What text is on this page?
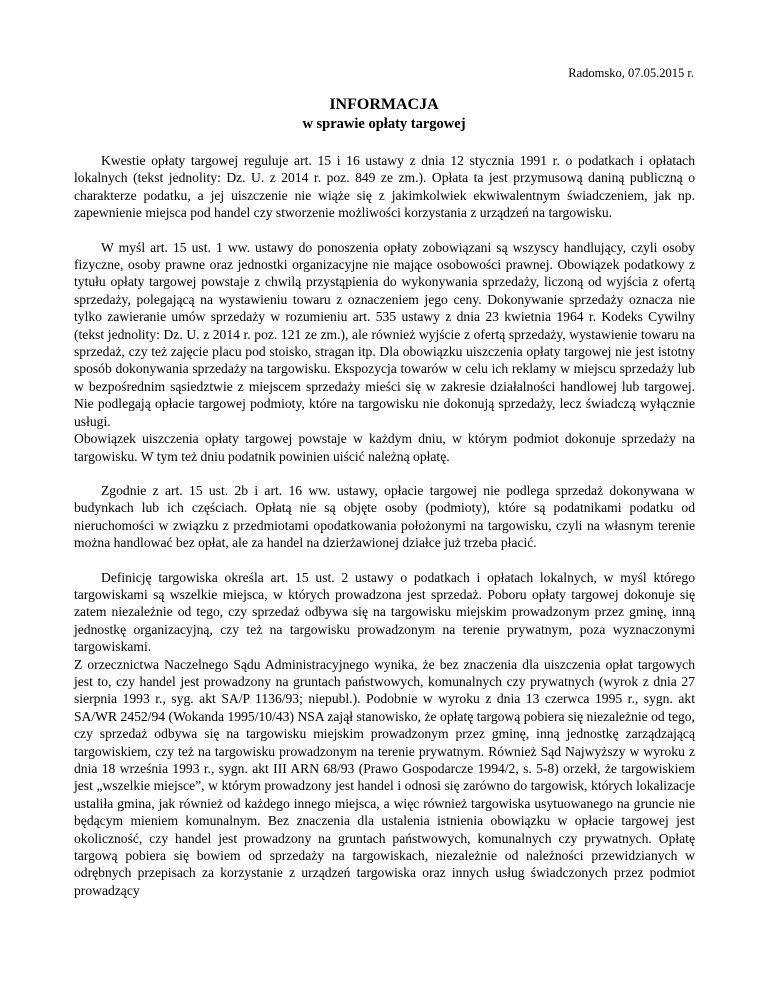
Radomsko, 07.05.2015 r.
INFORMACJA
w sprawie opłaty targowej

Kwestie opłaty targowej reguluje art. 15 i 16 ustawy z dnia 12 stycznia 1991 r. o podatkach i opłatach lokalnych (tekst jednolity: Dz. U. z 2014 r. poz. 849 ze zm.). Opłata ta jest przymusową daniną publiczną o charakterze podatku, a jej uiszczenie nie wiąże się z jakimkolwiek ekwiwalentnym świadczeniem, jak np. zapewnienie miejsca pod handel czy stworzenie możliwości korzystania z urządzeń na targowisku.

W myśl art. 15 ust. 1 ww. ustawy do ponoszenia opłaty zobowiązani są wszyscy handlujący, czyli osoby fizyczne, osoby prawne oraz jednostki organizacyjne nie mające osobowości prawnej. Obowiązek podatkowy z tytułu opłaty targowej powstaje z chwilą przystąpienia do wykonywania sprzedaży, liczoną od wyjścia z ofertą sprzedaży, polegającą na wystawieniu towaru z oznaczeniem jego ceny. Dokonywanie sprzedaży oznacza nie tylko zawieranie umów sprzedaży w rozumieniu art. 535 ustawy z dnia 23 kwietnia 1964 r. Kodeks Cywilny (tekst jednolity: Dz. U. z 2014 r. poz. 121 ze zm.), ale również wyjście z ofertą sprzedaży, wystawienie towaru na sprzedaż, czy też zajęcie placu pod stoisko, stragan itp. Dla obowiązku uiszczenia opłaty targowej nie jest istotny sposób dokonywania sprzedaży na targowisku. Ekspozycja towarów w celu ich reklamy w miejscu sprzedaży lub w bezpośrednim sąsiedztwie z miejscem sprzedaży mieści się w zakresie działalności handlowej lub targowej. Nie podlegają opłacie targowej podmioty, które na targowisku nie dokonują sprzedaży, lecz świadczą wyłącznie usługi.

Obowiązek uiszczenia opłaty targowej powstaje w każdym dniu, w którym podmiot dokonuje sprzedaży na targowisku. W tym też dniu podatnik powinien uiścić należną opłatę.

Zgodnie z art. 15 ust. 2b i art. 16 ww. ustawy, opłacie targowej nie podlega sprzedaż dokonywana w budynkach lub ich częściach. Opłatą nie są objęte osoby (podmioty), które są podatnikami podatku od nieruchomości w związku z przedmiotami opodatkowania położonymi na targowisku, czyli na własnym terenie można handlować bez opłat, ale za handel na dzierżawionej działce już trzeba płacić.

Definicję targowiska określa art. 15 ust. 2 ustawy o podatkach i opłatach lokalnych, w myśl którego targowiskami są wszelkie miejsca, w których prowadzona jest sprzedaż. Poboru opłaty targowej dokonuje się zatem niezależnie od tego, czy sprzedaż odbywa się na targowisku miejskim prowadzonym przez gminę, inną jednostkę organizacyjną, czy też na targowisku prowadzonym na terenie prywatnym, poza wyznaczonymi targowiskami.

Z orzecznictwa Naczelnego Sądu Administracyjnego wynika, że bez znaczenia dla uiszczenia opłat targowych jest to, czy handel jest prowadzony na gruntach państwowych, komunalnych czy prywatnych (wyrok z dnia 27 sierpnia 1993 r., syg. akt SA/P 1136/93; niepubl.). Podobnie w wyroku z dnia 13 czerwca 1995 r., sygn. akt SA/WR 2452/94 (Wokanda 1995/10/43) NSA zajął stanowisko, że opłatę targową pobiera się niezależnie od tego, czy sprzedaż odbywa się na targowisku miejskim prowadzonym przez gminę, inną jednostkę zarządzającą targowiskiem, czy też na targowisku prowadzonym na terenie prywatnym. Również Sąd Najwyższy w wyroku z dnia 18 września 1993 r., sygn. akt III ARN 68/93 (Prawo Gospodarcze 1994/2, s. 5-8) orzekł, że targowiskiem jest „wszelkie miejsce”, w którym prowadzony jest handel i odnosi się zarówno do targowisk, których lokalizacje ustaliła gmina, jak również od każdego innego miejsca, a więc również targowiska usytuowanego na gruncie nie będącym mieniem komunalnym. Bez znaczenia dla ustalenia istnienia obowiązku w opłacie targowej jest okoliczność, czy handel jest prowadzony na gruntach państwowych, komunalnych czy prywatnych. Opłatę targową pobiera się bowiem od sprzedaży na targowiskach, niezależnie od należności przewidzianych w odrębnych przepisach za korzystanie z urządzeń targowiska oraz innych usług świadczonych przez podmiot prowadzący
